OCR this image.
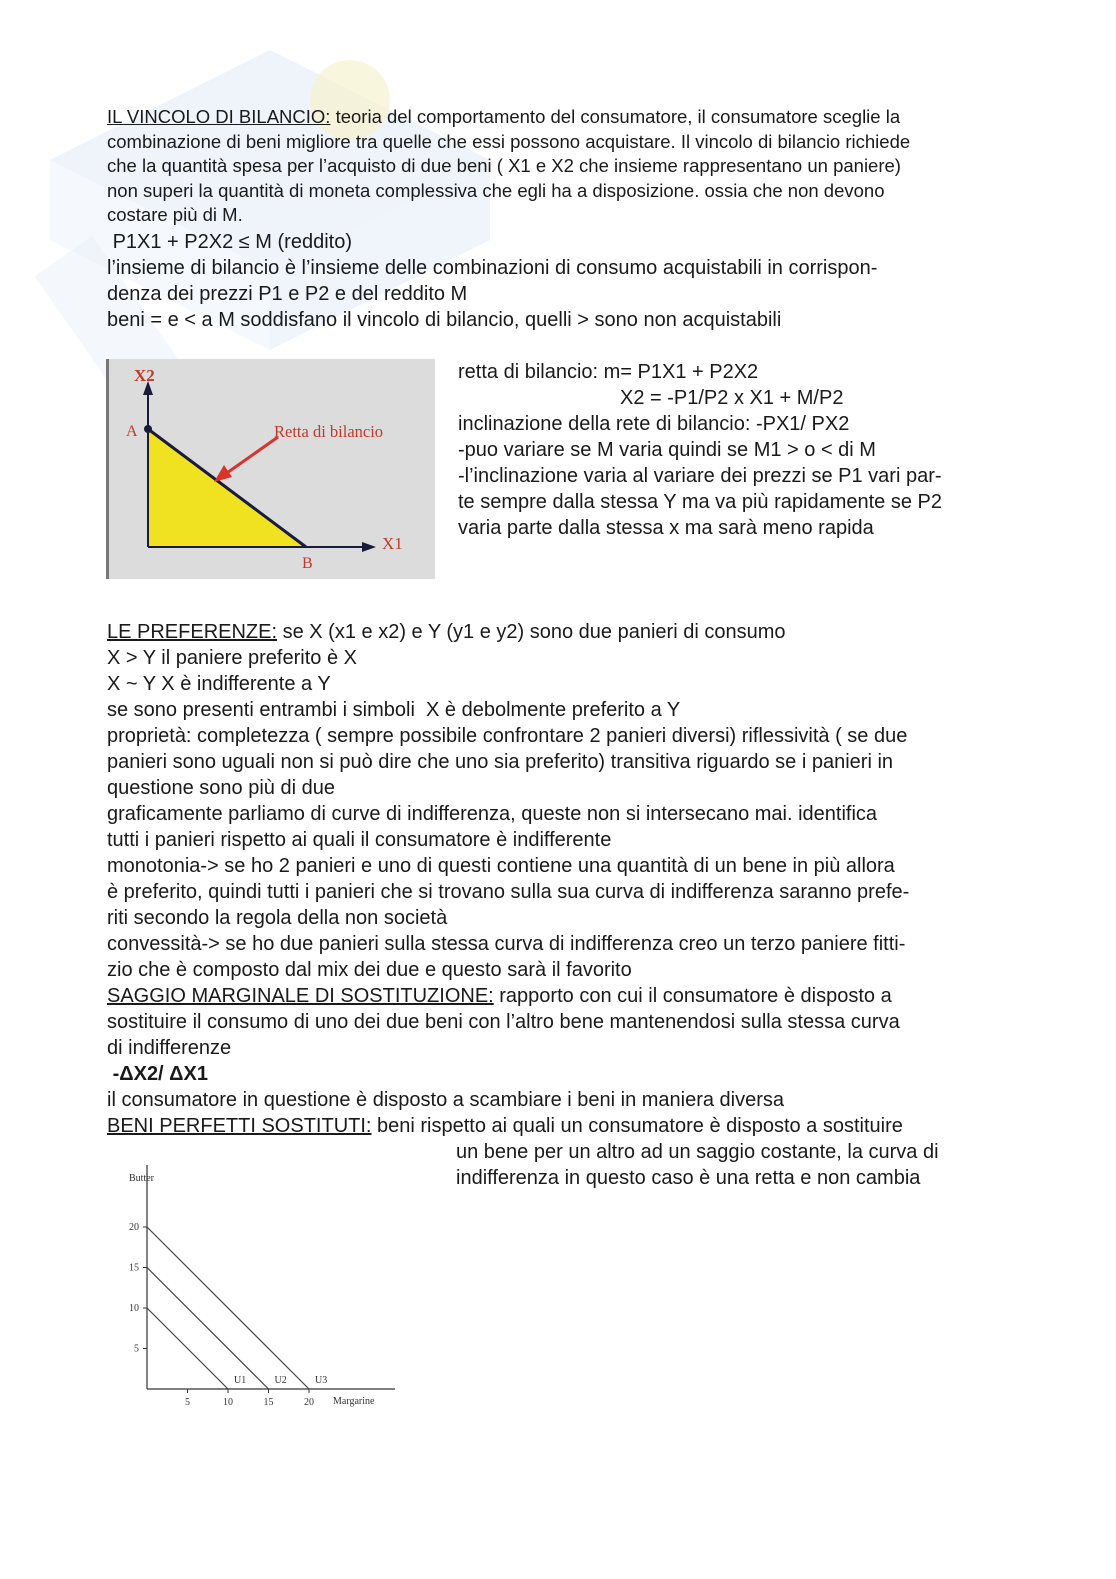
IL VINCOLO DI BILANCIO: teoria del comportamento del consumatore, il consumatore sceglie la
combinazione di beni migliore tra quelle che essi possono acquistare. Il vincolo di bilancio richiede
che la quantità spesa per l’acquisto di due beni ( X1 e X2 che insieme rappresentano un paniere)
non superi la quantità di moneta complessiva che egli ha a disposizione. ossia che non devono
costare più di M.

P1X1 + P2X2 ≤ M (reddito)

l’insieme di bilancio è l’insieme delle combinazioni di consumo acquistabili in corrispon-
denza dei prezzi P1 e P2 e del reddito M
beni = e < a M soddisfano il vincolo di bilancio, quelli > sono non acquistabili

X2
X1
A
B
Retta di bilancio

retta di bilancio: m= P1X1 + P2X2

X2 = -P1/P2 x X1 + M/P2

inclinazione della rete di bilancio: -PX1/ PX2

-puo variare se M varia quindi se M1 > o < di M

-l’inclinazione varia al variare dei prezzi se P1 vari par-

te sempre dalla stessa Y ma va più rapidamente se P2

varia parte dalla stessa x ma sarà meno rapida

LE PREFERENZE: se X (x1 e x2) e Y (y1 e y2) sono due panieri di consumo

X > Y il paniere preferito è X
X ~ Y X è indifferente a Y
se sono presenti entrambi i simboli  X è debolmente preferito a Y
proprietà: completezza ( sempre possibile confrontare 2 panieri diversi) riflessività ( se due
panieri sono uguali non si può dire che uno sia preferito) transitiva riguardo se i panieri in
questione sono più di due
graficamente parliamo di curve di indifferenza, queste non si intersecano mai. identifica
tutti i panieri rispetto ai quali il consumatore è indifferente
monotonia-> se ho 2 panieri e uno di questi contiene una quantità di un bene in più allora
è preferito, quindi tutti i panieri che si trovano sulla sua curva di indifferenza saranno prefe-
riti secondo la regola della non società
convessità-> se ho due panieri sulla stessa curva di indifferenza creo un terzo paniere fitti-
zio che è composto dal mix dei due e questo sarà il favorito

SAGGIO MARGINALE DI SOSTITUZIONE: rapporto con cui il consumatore è disposto a
sostituire il consumo di uno dei due beni con l’altro bene mantenendosi sulla stessa curva
di indifferenze

-ΔX2/ ΔX1

il consumatore in questione è disposto a scambiare i beni in maniera diversa

BENI PERFETTI SOSTITUTI: beni rispetto ai quali un consumatore è disposto a sostituire

un bene per un altro ad un saggio costante, la curva di
indifferenza in questo caso è una retta e non cambia

Butter
Margarine
20
15
10
5
5	10	15	20
U1	U2	U3
